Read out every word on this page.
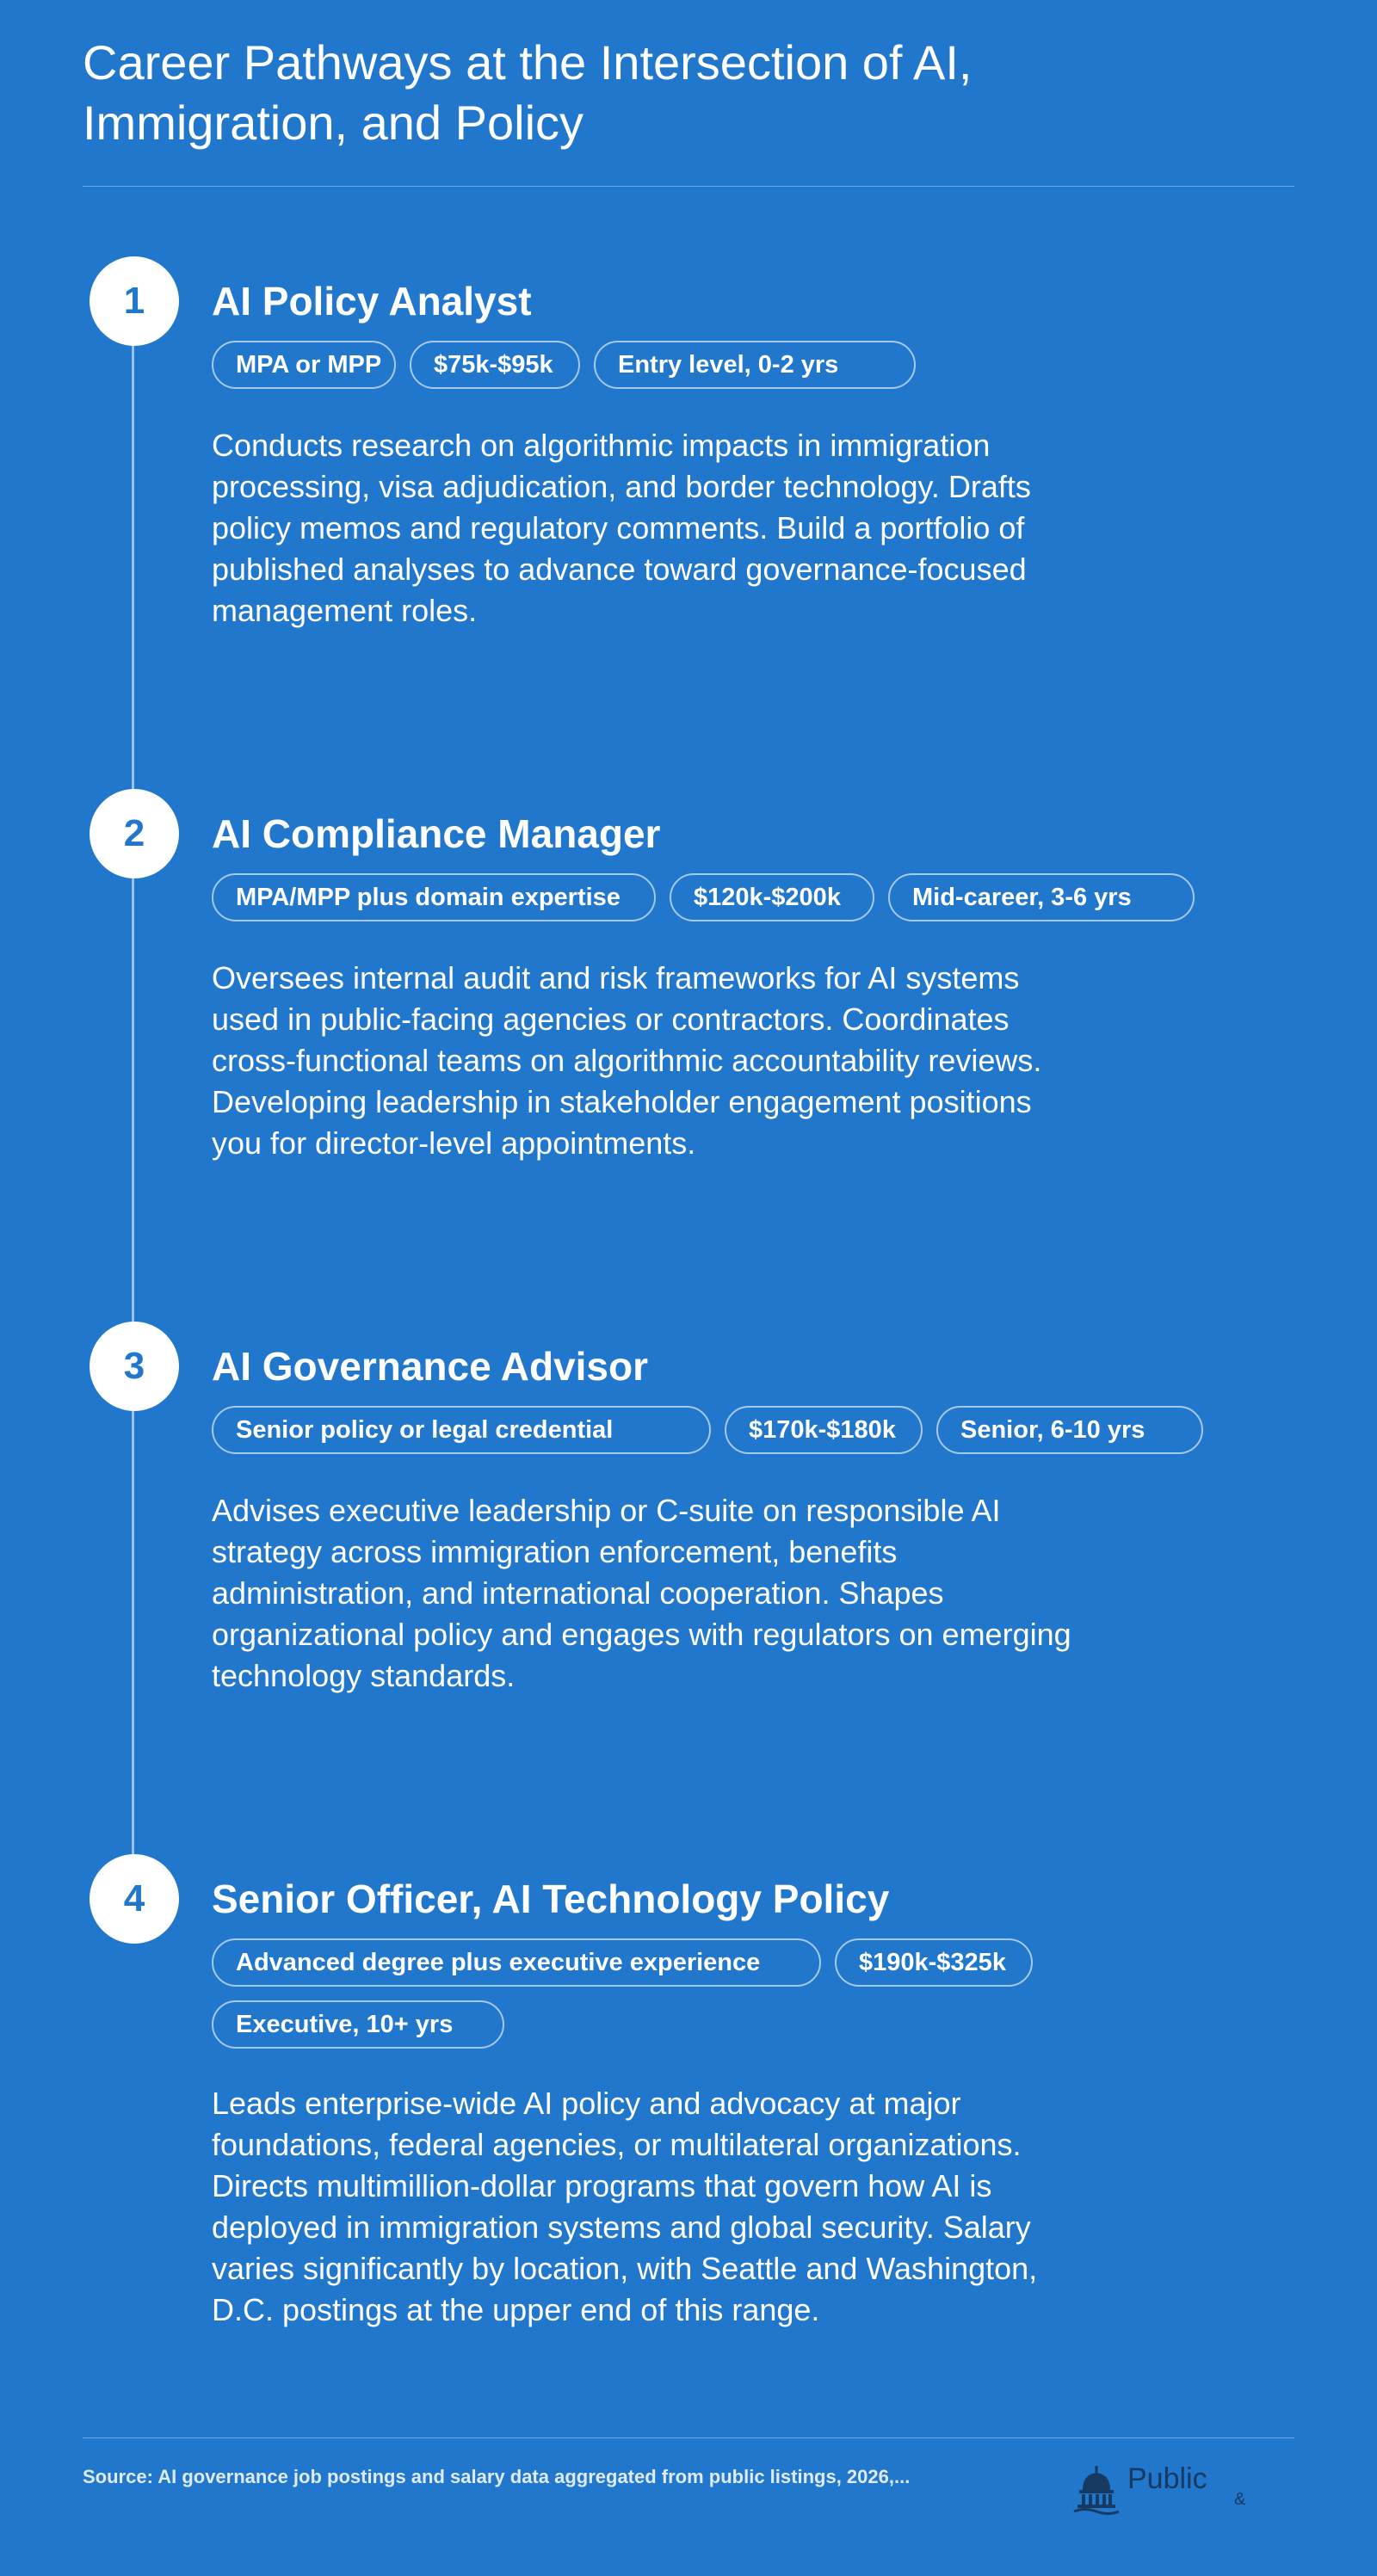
Career Pathways at the Intersection of AI, Immigration, and Policy
1	AI Policy Analyst
MPA or MPP	$75k-$95k	Entry level, 0-2 yrs

Conducts research on algorithmic impacts in immigration processing, visa adjudication, and border technology. Drafts policy memos and regulatory comments. Build a portfolio of published analyses to advance toward governance-focused management roles.

2	AI Compliance Manager
MPA/MPP plus domain expertise	$120k-$200k	Mid-career, 3-6 yrs

Oversees internal audit and risk frameworks for AI systems used in public-facing agencies or contractors. Coordinates cross-functional teams on algorithmic accountability reviews. Developing leadership in stakeholder engagement positions you for director-level appointments.

3	AI Governance Advisor
Senior policy or legal credential	$170k-$180k	Senior, 6-10 yrs

Advises executive leadership or C-suite on responsible AI strategy across immigration enforcement, benefits administration, and international cooperation. Shapes organizational policy and engages with regulators on emerging technology standards.

4	Senior Officer, AI Technology Policy
Advanced degree plus executive experience	$190k-$325k
Executive, 10+ yrs

Leads enterprise-wide AI policy and advocacy at major foundations, federal agencies, or multilateral organizations. Directs multimillion-dollar programs that govern how AI is deployed in immigration systems and global security. Salary varies significantly by location, with Seattle and Washington, D.C. postings at the upper end of this range.

Source: AI governance job postings and salary data aggregated from public listings, 2026,...	Public
&
